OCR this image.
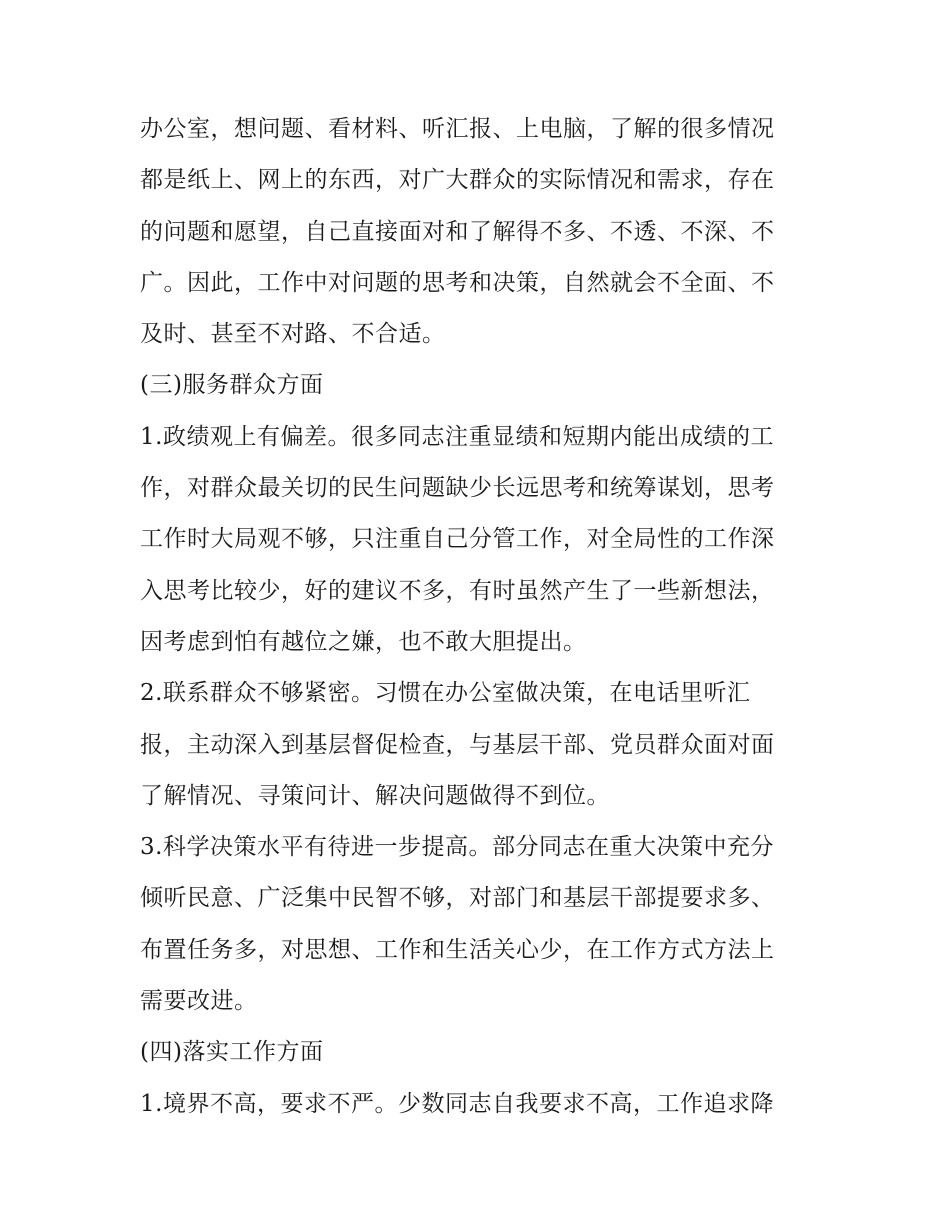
办公室，想问题、看材料、听汇报、上电脑，了解的很多情况
都是纸上、网上的东西，对广大群众的实际情况和需求，存在
的问题和愿望，自己直接面对和了解得不多、不透、不深、不
广。因此，工作中对问题的思考和决策，自然就会不全面、不
及时、甚至不对路、不合适。
(三)服务群众方面
1.政绩观上有偏差。很多同志注重显绩和短期内能出成绩的工
作，对群众最关切的民生问题缺少长远思考和统筹谋划，思考
工作时大局观不够，只注重自己分管工作，对全局性的工作深
入思考比较少，好的建议不多，有时虽然产生了一些新想法，
因考虑到怕有越位之嫌，也不敢大胆提出。
2.联系群众不够紧密。习惯在办公室做决策，在电话里听汇
报，主动深入到基层督促检查，与基层干部、党员群众面对面
了解情况、寻策问计、解决问题做得不到位。
3.科学决策水平有待进一步提高。部分同志在重大决策中充分
倾听民意、广泛集中民智不够，对部门和基层干部提要求多、
布置任务多，对思想、工作和生活关心少，在工作方式方法上
需要改进。
(四)落实工作方面
1.境界不高，要求不严。少数同志自我要求不高，工作追求降
